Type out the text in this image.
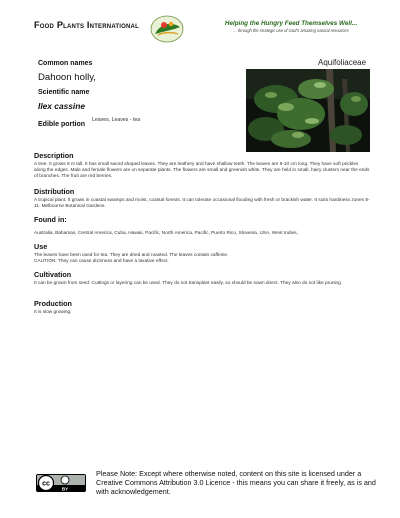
Food Plants International	Helping the Hungry Feed Themselves Well...
... through the strategic use of God's amazing natural resources
Common names	Aquifoliaceae
Dahoon holly,
Scientific name
Ilex cassine
Edible portion
Leaves, Leaves - tea
Description
A tree. It grows 8 m tall. It has small sword shaped leaves. They are leathery and have shallow teeth. The leaves are 8-10 cm long. They have soft prickles along the edges. Male and female flowers are on separate plants. The flowers are small and greenish white. They are held in small, hairy clusters near the ends of branches. The fruit are red berries.
Distribution
A tropical plant. It grows in coastal swamps and moist, coastal forests. It can tolerate occasional flooding with fresh or brackish water. It suits hardiness zones 8-11. Melbourne Botanical Gardens.
Found in:
Australia, Bahamas, Central America, Cuba, Hawaii, Pacific, North America, Pacific, Puerto Rico, Slovenia, USA, West Indies,
Use
The leaves have been used for tea. They are dried and roasted. The leaves contain caffeine.
CAUTION: They can cause dizziness and have a laxative effect.
Cultivation
It can be grown from seed. Cuttings or layering can be used. They do not transplant easily, so should be sown direct. They also do not like pruning.
Production
It is slow growing.
cc
BY
Please Note: Except where otherwise noted, content on this site is licensed under a Creative Commons Attribution 3.0 Licence - this means you can share it freely, as is and with acknowledgement.
